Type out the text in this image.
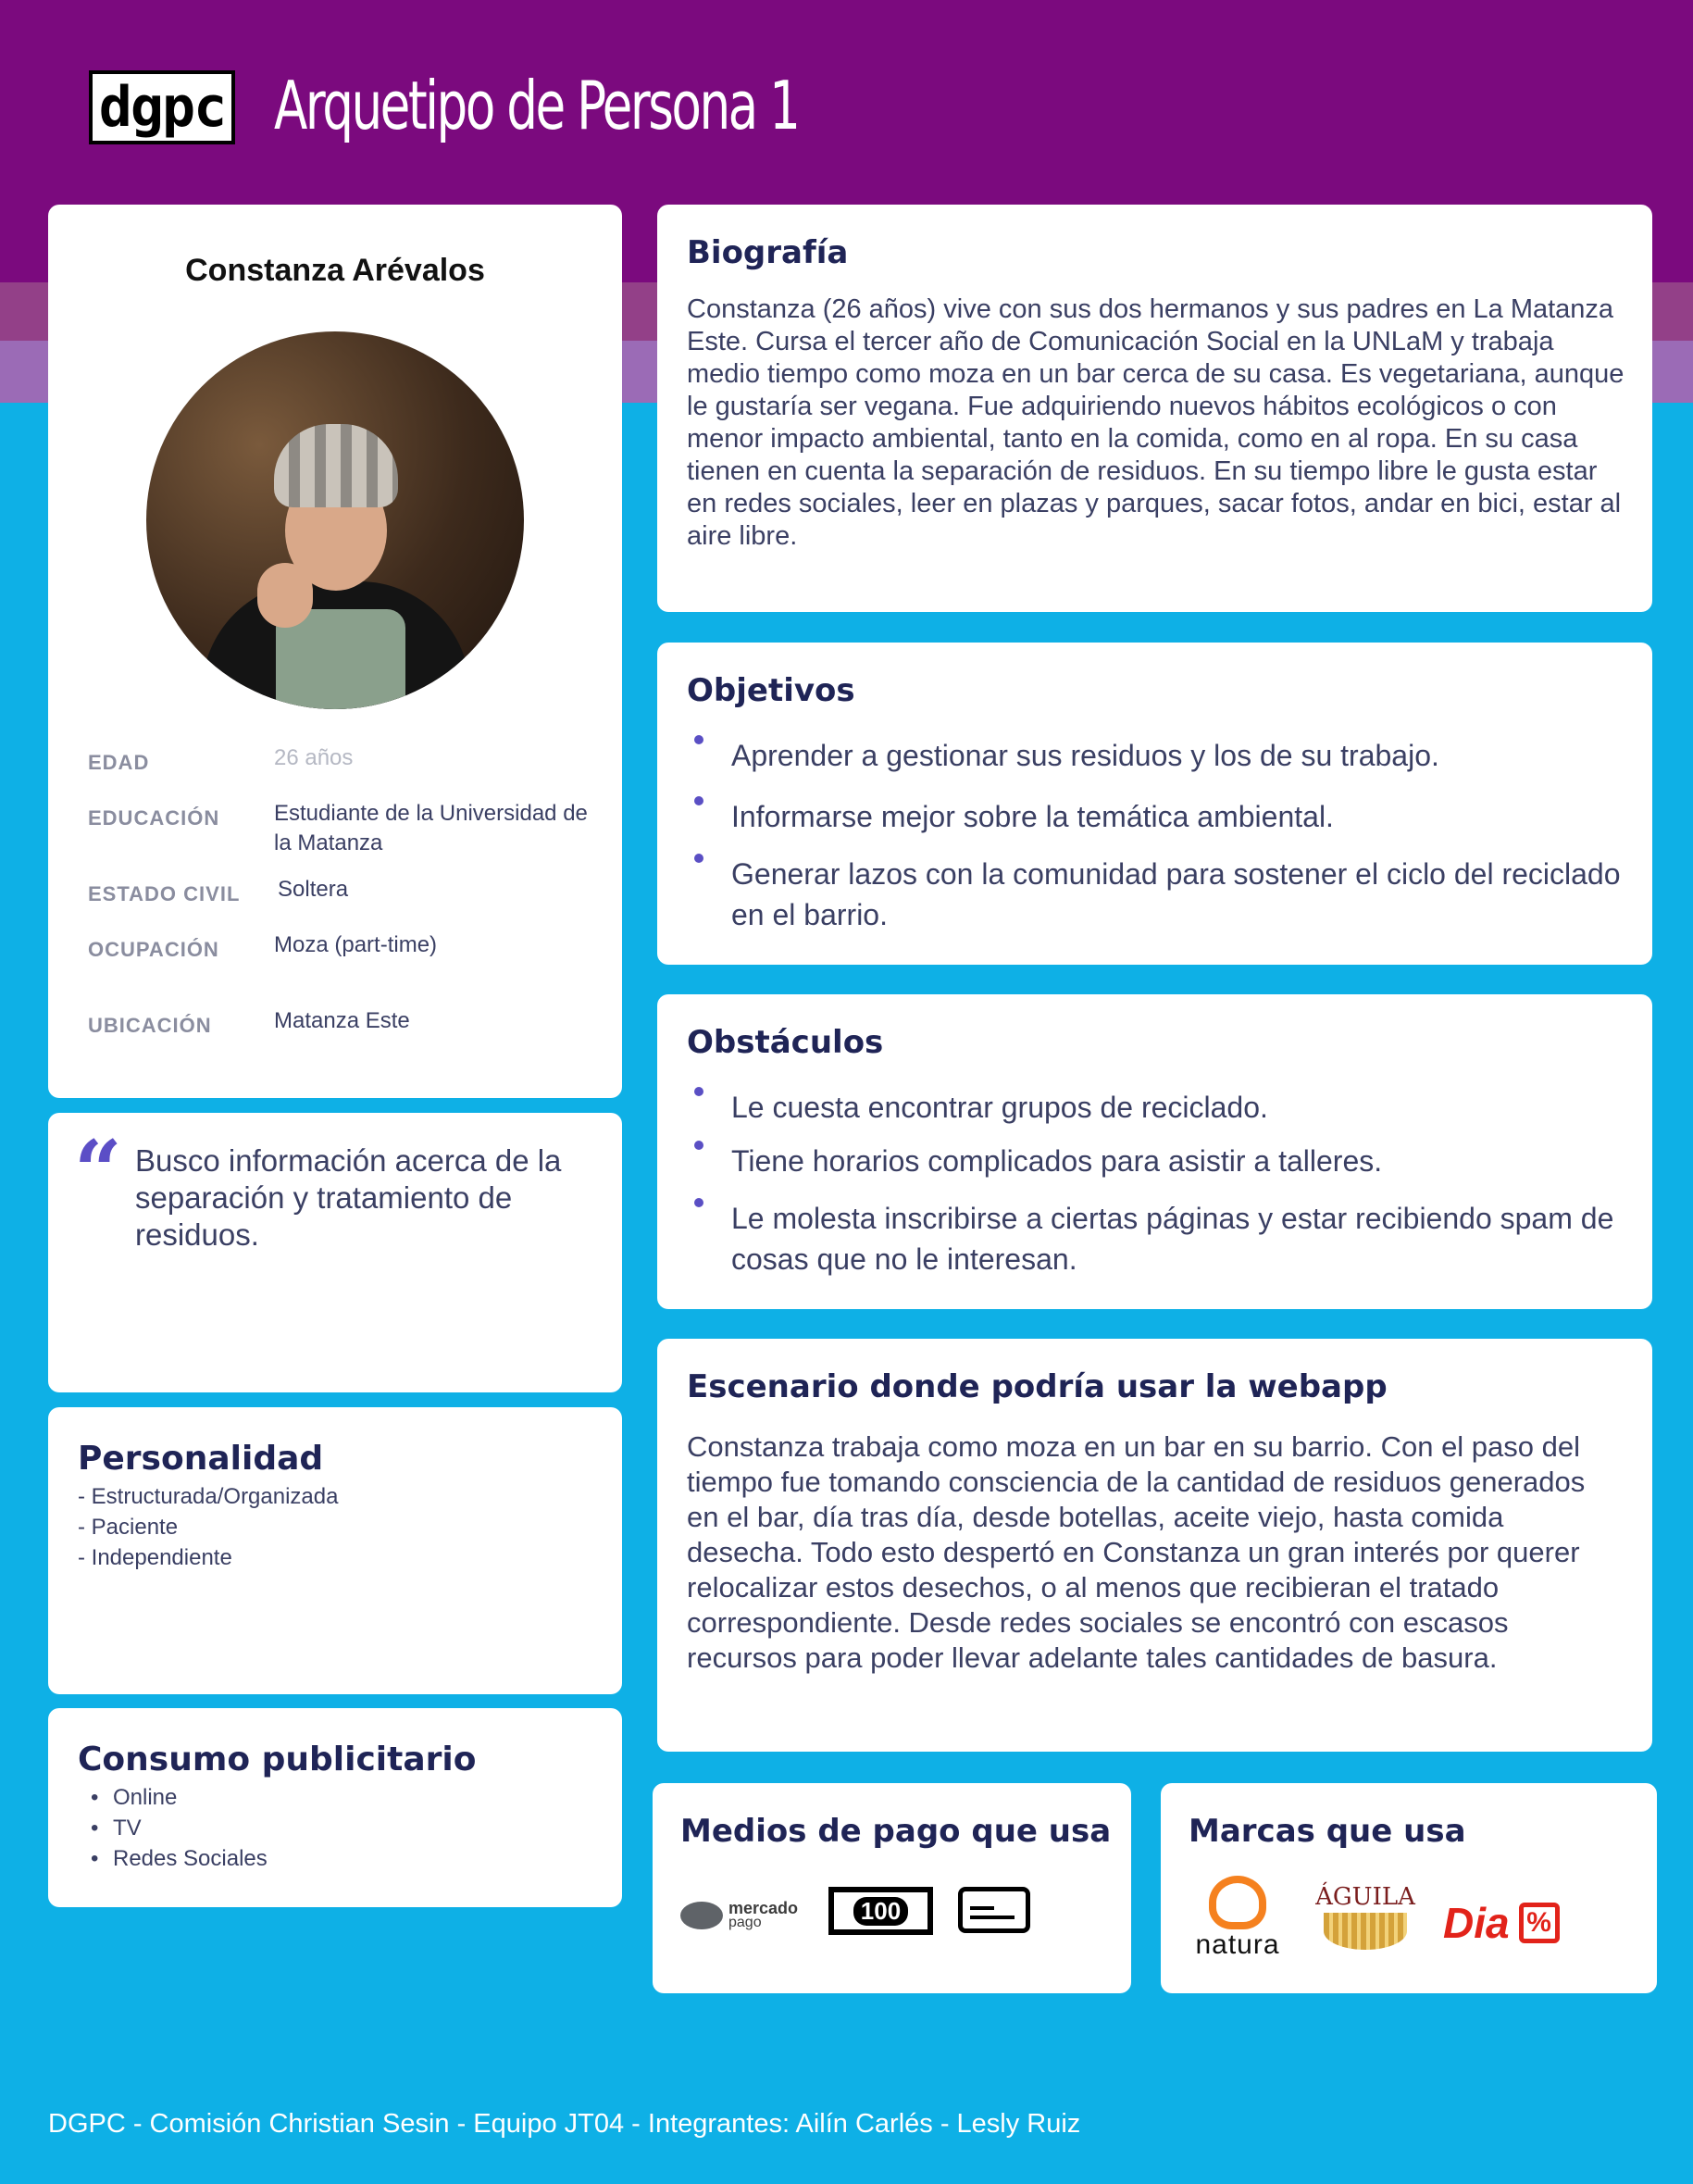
dgpc Arquetipo de Persona 1
Constanza Arévalos
EDAD	26 años
EDUCACIÓN Estudiante de la Universidad de la Matanza
ESTADO CIVIL Soltera
OCUPACIÓN Moza (part-time)
UBICACIÓN	Matanza Este
“ Busco información acerca de la separación y tratamiento de residuos.
Personalidad
- Estructurada/Organizada
- Paciente
- Independiente
Consumo publicitario
• Online
• TV
• Redes Sociales
Biografía

Constanza (26 años) vive con sus dos hermanos y sus padres en La Matanza Este. Cursa el tercer año de Comunicación Social en la UNLaM y trabaja medio tiempo como moza en un bar cerca de su casa. Es vegetariana, aunque le gustaría ser vegana. Fue adquiriendo nuevos hábitos ecológicos o con menor impacto ambiental, tanto en la comida, como en al ropa. En su casa tienen en cuenta la separación de residuos. En su tiempo libre le gusta estar en redes sociales, leer en plazas y parques, sacar fotos, andar en bici, estar al aire libre.

Objetivos
Aprender a gestionar sus residuos y los de su trabajo.
Informarse mejor sobre la temática ambiental.
Generar lazos con la comunidad para sostener el ciclo del reciclado en el barrio.
Obstáculos
Le cuesta encontrar grupos de reciclado.
Tiene horarios complicados para asistir a talleres.
Le molesta inscribirse a ciertas páginas y estar recibiendo spam de cosas que no le interesan.
Escenario donde podría usar la webapp

Constanza trabaja como moza en un bar en su barrio. Con el paso del tiempo fue tomando consciencia de la cantidad de residuos generados en el bar, día tras día, desde botellas, aceite viejo, hasta comida desecha. Todo esto despertó en Constanza un gran interés por querer relocalizar estos desechos, o al menos que recibieran el tratado correspondiente. Desde redes sociales se encontró con escasos recursos para poder llevar adelante tales cantidades de basura.

Medios de pago que usa
mercado
pago	100
Marcas que usa
natura
ÁGUILA
Dia %
DGPC - Comisión Christian Sesin - Equipo JT04 - Integrantes: Ailín Carlés - Lesly Ruiz
